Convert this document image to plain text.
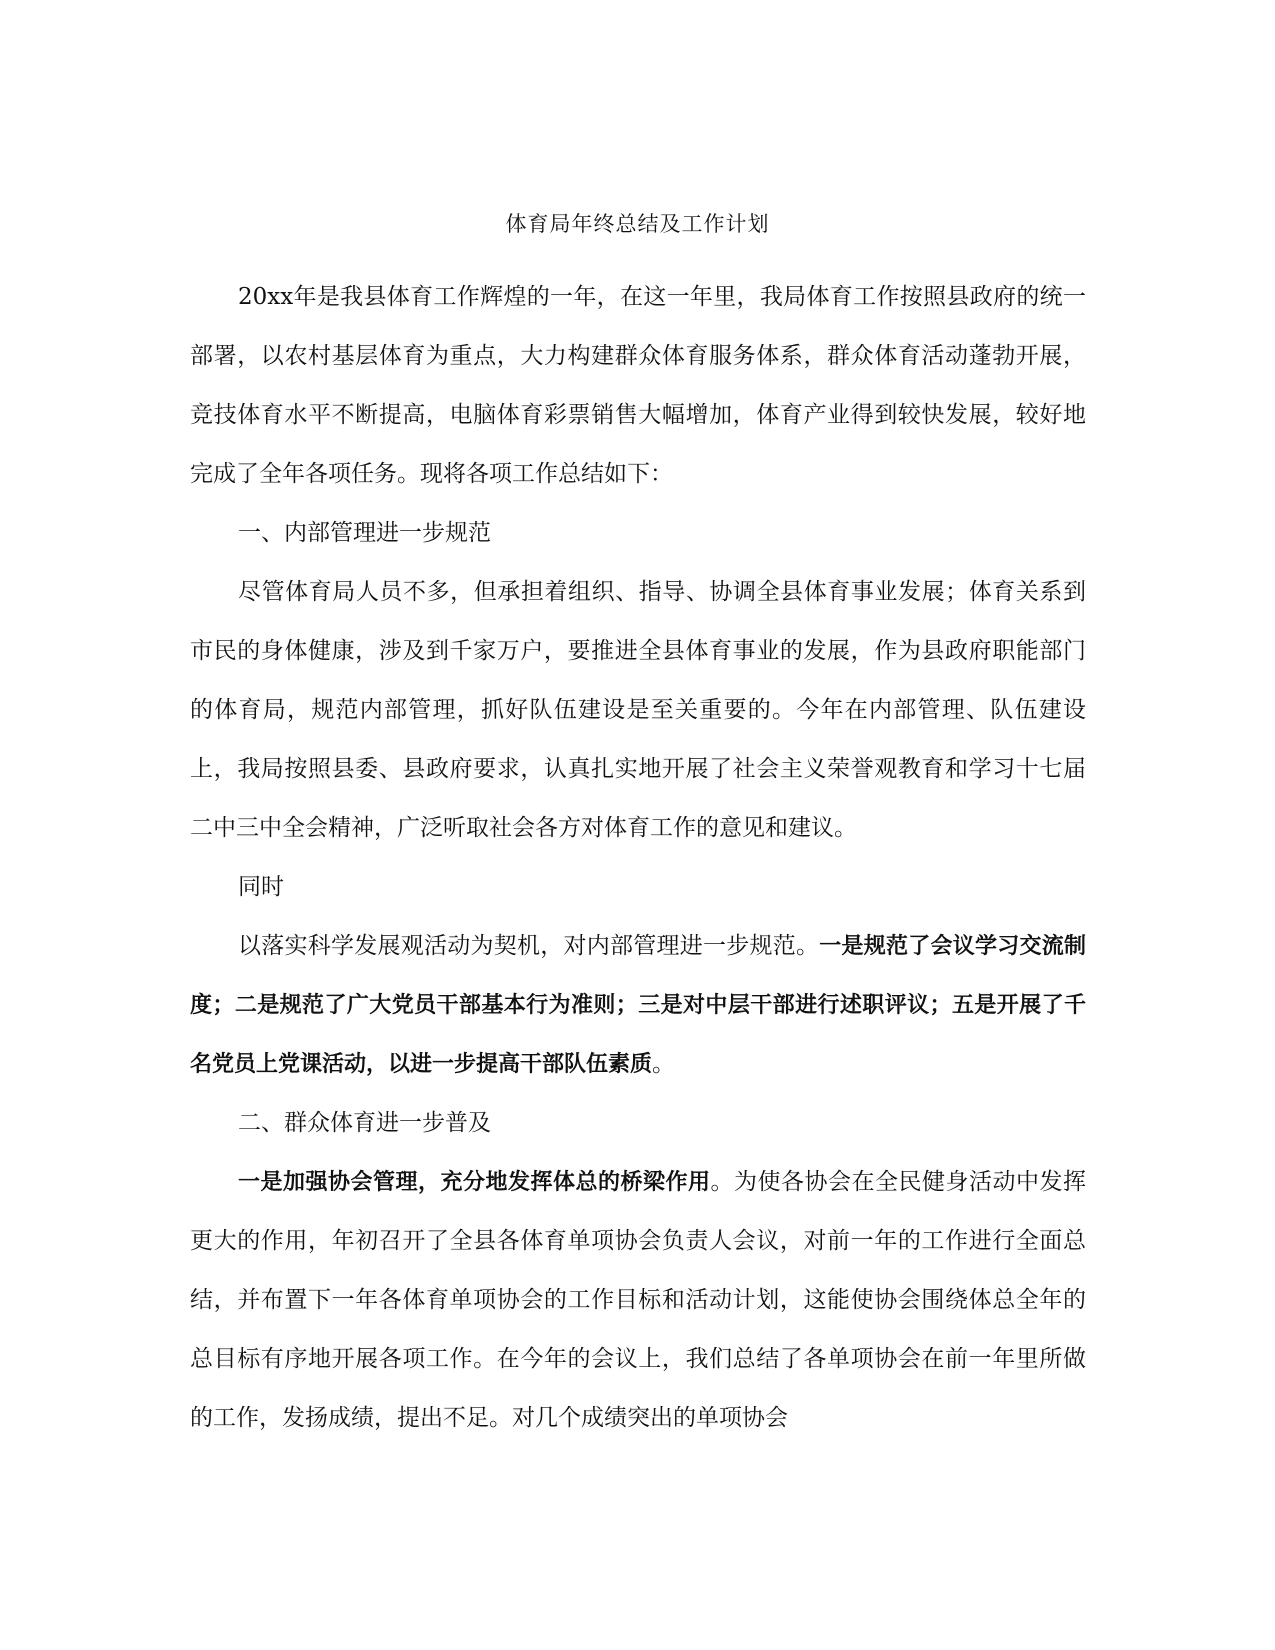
体育局年终总结及工作计划

20xx年是我县体育工作辉煌的一年，在这一年里，我局体育工作按照县政府的统一部署，以农村基层体育为重点，大力构建群众体育服务体系，群众体育活动蓬勃开展，竞技体育水平不断提高，电脑体育彩票销售大幅增加，体育产业得到较快发展，较好地完成了全年各项任务。现将各项工作总结如下：

一、内部管理进一步规范

尽管体育局人员不多，但承担着组织、指导、协调全县体育事业发展；体育关系到市民的身体健康，涉及到千家万户，要推进全县体育事业的发展，作为县政府职能部门的体育局，规范内部管理，抓好队伍建设是至关重要的。今年在内部管理、队伍建设上，我局按照县委、县政府要求，认真扎实地开展了社会主义荣誉观教育和学习十七届二中三中全会精神，广泛听取社会各方对体育工作的意见和建议。
同时

以落实科学发展观活动为契机，对内部管理进一步规范。一是规范了会议学习交流制度；二是规范了广大党员干部基本行为准则；三是对中层干部进行述职评议；五是开展了千名党员上党课活动，以进一步提高干部队伍素质。

二、群众体育进一步普及

一是加强协会管理，充分地发挥体总的桥梁作用。为使各协会在全民健身活动中发挥更大的作用，年初召开了全县各体育单项协会负责人会议，对前一年的工作进行全面总结，并布置下一年各体育单项协会的工作目标和活动计划，这能使协会围绕体总全年的总目标有序地开展各项工作。在今年的会议上，我们总结了各单项协会在前一年里所做的工作，发扬成绩，提出不足。对几个成绩突出的单项协会
